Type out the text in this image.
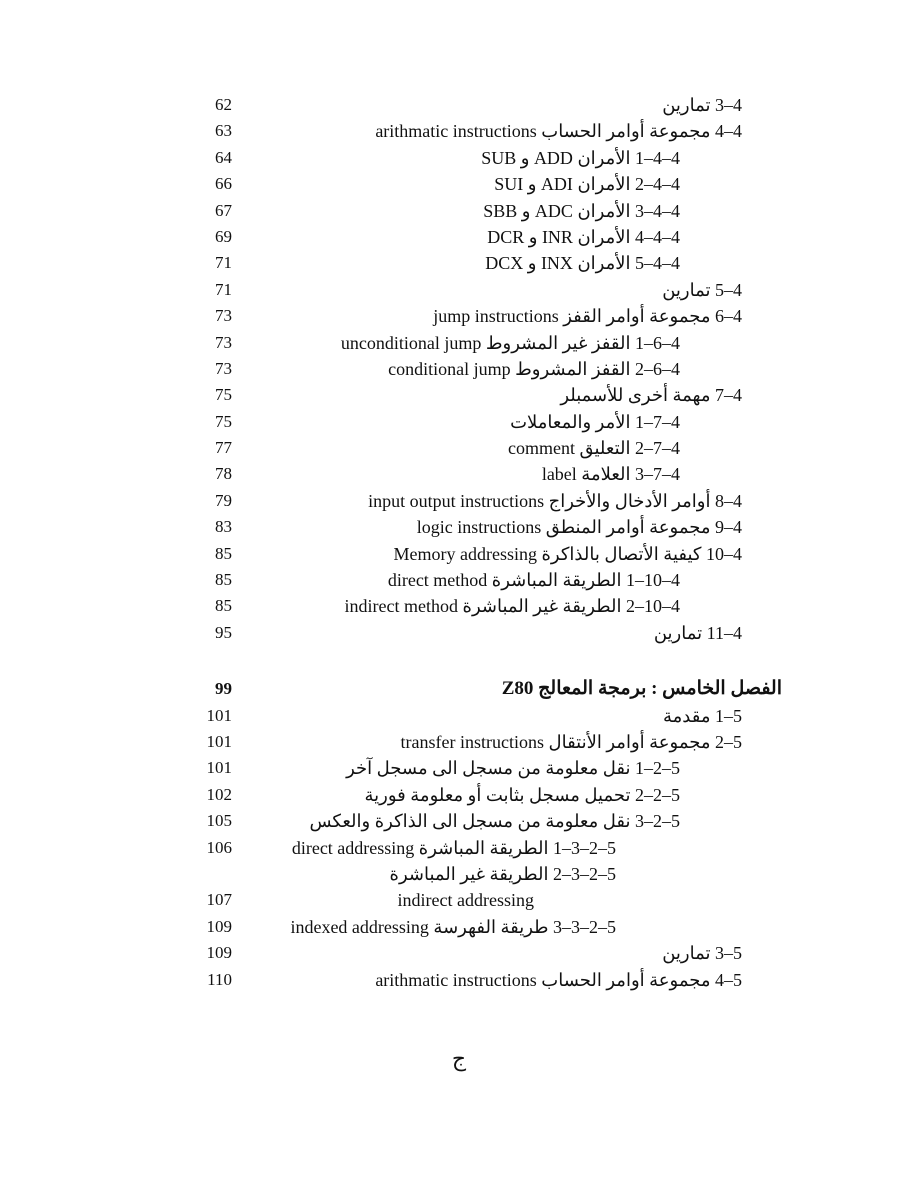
62	4–3 تمارين
63	4–4 مجموعة أوامر الحساب arithmatic instructions
64	4–4–1 الأمران ADD و SUB
66	4–4–2 الأمران ADI و SUI
67	4–4–3 الأمران ADC و SBB
69	4–4–4 الأمران INR و DCR
71	4–4–5 الأمران INX و DCX
71	4–5 تمارين
73	4–6 مجموعة أوامر القفز jump instructions
73	4–6–1 القفز غير المشروط unconditional jump
73	4–6–2 القفز المشروط conditional jump
75	4–7 مهمة أخرى للأسمبلر
75	4–7–1 الأمر والمعاملات
77	4–7–2 التعليق comment
78	4–7–3 العلامة label
79	4–8 أوامر الأدخال والأخراج input output instructions
83	4–9 مجموعة أوامر المنطق logic instructions
85	4–10 كيفية الأتصال بالذاكرة Memory addressing
85	4–10–1 الطريقة المباشرة direct method
85	4–10–2 الطريقة غير المباشرة indirect method
95	4–11 تمارين
99	الفصل الخامس : برمجة المعالج Z80
101	5–1 مقدمة
101	5–2 مجموعة أوامر الأنتقال transfer instructions
101	5–2–1 نقل معلومة من مسجل الى مسجل آخر
102	5–2–2 تحميل مسجل بثابت أو معلومة فورية
105	5–2–3 نقل معلومة من مسجل الى الذاكرة والعكس
106	5–2–3–1 الطريقة المباشرة direct addressing
5–2–3–2 الطريقة غير المباشرة
107	indirect addressing
109	5–2–3–3 طريقة الفهرسة indexed addressing
109	5–3 تمارين
110	5–4 مجموعة أوامر الحساب arithmatic instructions
ج
